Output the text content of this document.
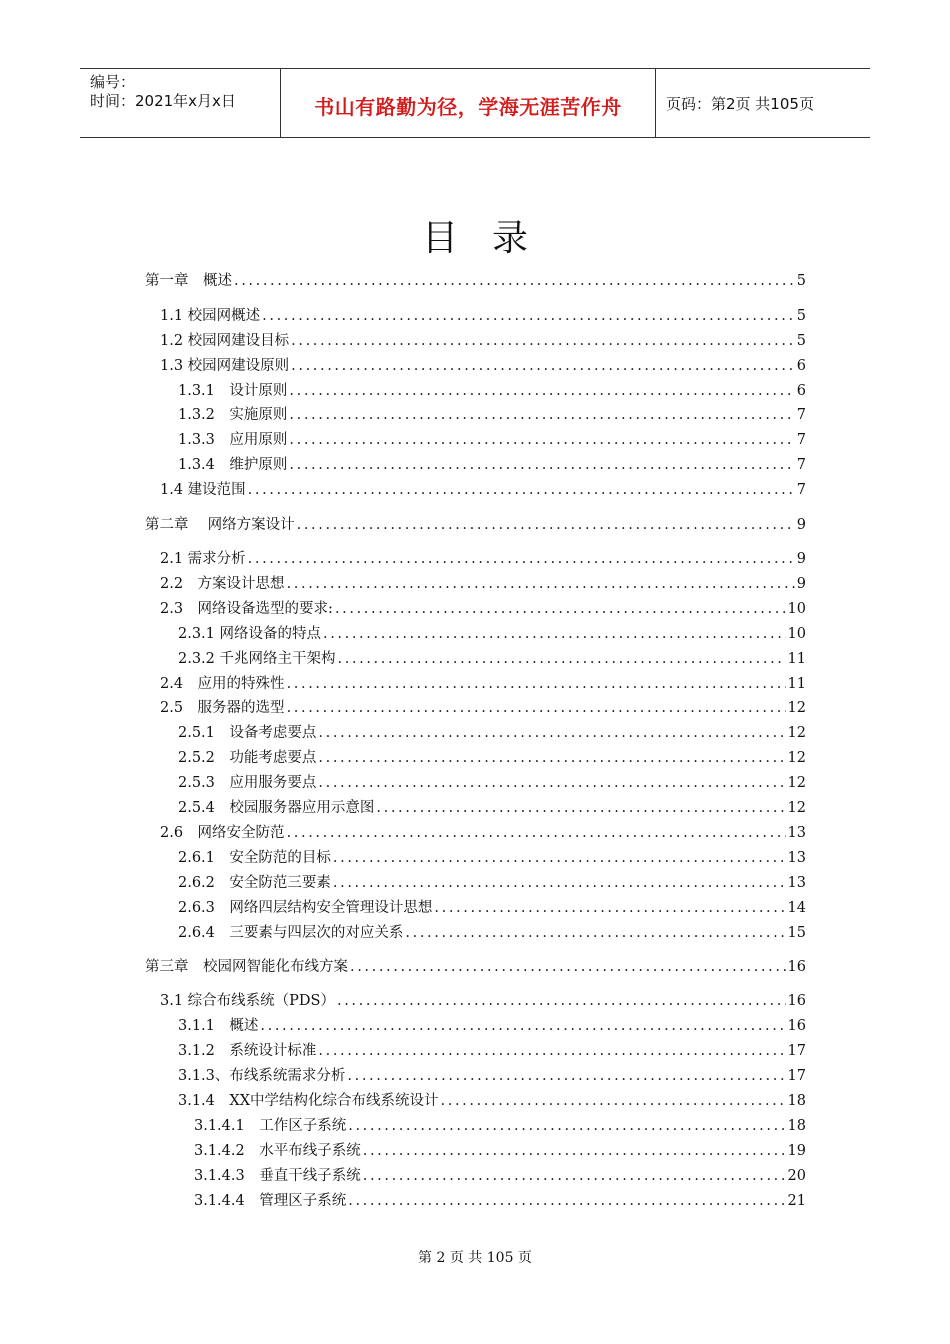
编号：
时间：2021年x月x日	书山有路勤为径，学海无涯苦作舟	页码：第2页 共105页
目录
第一章　概述 .....	5
1.1 校园网概述 .....	5
1.2 校园网建设目标 .....	5
1.3 校园网建设原则 .....	6
1.3.1　设计原则 .....	6
1.3.2　实施原则 .....	7
1.3.3　应用原则 .....	7
1.3.4　维护原则 .....	7
1.4 建设范围 .....	7
第二章　 网络方案设计 .....	9
2.1 需求分析 .....	9
2.2　方案设计思想 .....	9
2.3　网络设备选型的要求: .....	10
2.3.1 网络设备的特点 .....	10
2.3.2 千兆网络主干架构 .....	11
2.4　应用的特殊性 .....	11
2.5　服务器的选型 .....	12
2.5.1　设备考虑要点 .....	12
2.5.2　功能考虑要点 .....	12
2.5.3　应用服务要点 .....	12
2.5.4　校园服务器应用示意图 .....	12
2.6　网络安全防范 .....	13
2.6.1　安全防范的目标 .....	13
2.6.2　安全防范三要素 .....	13
2.6.3　网络四层结构安全管理设计思想 .....	14
2.6.4　三要素与四层次的对应关系 .....	15
第三章　校园网智能化布线方案 .....	16
3.1 综合布线系统（PDS） .....	16
3.1.1　概述 .....	16
3.1.2　系统设计标准 .....	17
3.1.3、布线系统需求分析 .....	17
3.1.4　XX中学结构化综合布线系统设计 .....	18
3.1.4.1　工作区子系统 .....	18
3.1.4.2　水平布线子系统 .....	19
3.1.4.3　垂直干线子系统 .....	20
3.1.4.4　管理区子系统 .....	21
第 2 页 共 105 页
